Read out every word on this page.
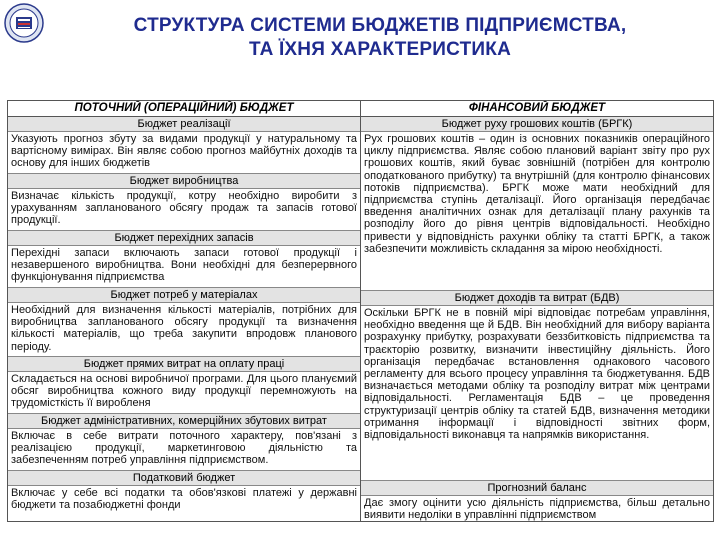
СТРУКТУРА СИСТЕМИ БЮДЖЕТІВ ПІДПРИЄМСТВА,
ТА ЇХНЯ ХАРАКТЕРИСТИКА
ПОТОЧНИЙ (ОПЕРАЦІЙНИЙ) БЮДЖЕТ
Бюджет реалізації
Указують прогноз збуту за видами продукції у натуральному та вартісному вимірах. Він являє собою прогноз майбутніх доходів та основу для інших бюджетів
Бюджет виробництва
Визначає кількість продукції, котру необхідно виробити з урахуванням запланованого обсягу продаж та запасів готової продукції.
Бюджет перехідних запасів
Перехідні запаси включають запаси готової продукції і незавершеного виробництва. Вони необхідні для безперервного функціонування підприємства
Бюджет потреб у матеріалах
Необхідний для визначення кількості матеріалів, потрібних для виробництва запланованого обсягу продукції та визначення кількості матеріалів, що треба закупити впродовж планового періоду.
Бюджет прямих витрат на оплату праці
Складається на основі виробничої програми. Для цього плануємий обсяг виробництва кожного виду продукції перемножують на трудомісткість її виробленя
Бюджет адміністративних, комерційних збутових витрат
Включає в себе витрати поточного характеру, пов'язані з реалізацією продукції, маркетинговою діяльністю та забезпеченням потреб управління підприємством.
Податковий бюджет
Включає у себе всі податки та обов'язкові платежі у державні бюджети та позабюджетні фонди
ФІНАНСОВИЙ БЮДЖЕТ
Бюджет руху грошових коштів (БРГК)
Рух грошових коштів – один із основних показників операційного циклу підприємства. Являє собою плановий варіант звіту про рух грошових коштів, який буває зовнішній (потрібен для контролю оподаткованого прибутку) та внутрішній (для контролю фінансових потоків підприємства). БРГК може мати необхідний для підприємства ступінь деталізації. Його організація передбачає введення аналітичних ознак для деталізації плану рахунків та розподілу його до рівня центрів відповідальності. Необхідно привести у відповідність рахунки обліку та статті БРГК, а також забезпечити можливість складання за мірою необхідності.
Бюджет доходів та витрат (БДВ)
Оскільки БРГК не в повній мірі відповідає потребам управління, необхідно введення ще й БДВ. Він необхідний для вибору варіанта розрахунку прибутку, розрахувати беззбитковість підприємства та траєкторію розвитку, визначити інвестиційну діяльність. Його організація передбачає встановлення однакового часового регламенту для всього процесу управління та бюджетування. БДВ визначається методами обліку та розподілу витрат між центрами відповідальності. Регламентація БДВ – це проведення структуризації центрів обліку та статей БДВ, визначення методики отримання інформації і відповідності звітних форм, відповідальності виконавця та напрямків використання.
Прогнозний баланс
Дає змогу оцінити усю діяльність підприємства, більш детально виявити недоліки в управлінні підприємством
